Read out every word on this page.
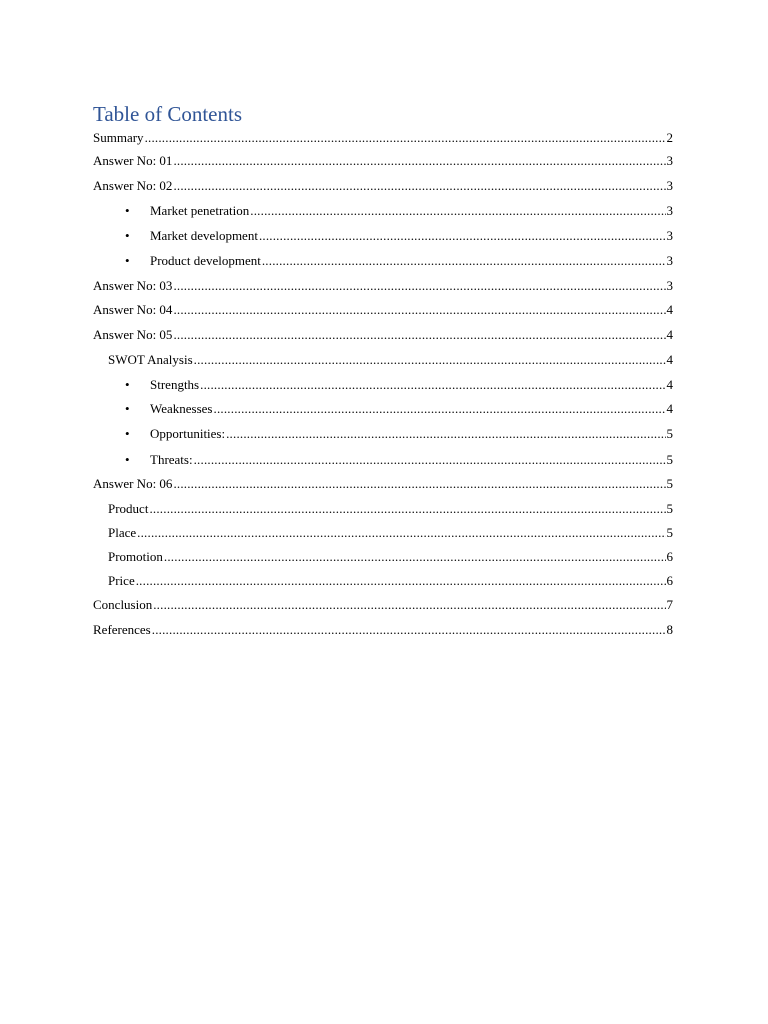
Table of Contents
Summary .....	2
Answer No: 01 .....	3
Answer No: 02 .....	3
• Market penetration .....	3
• Market development .....	3
• Product development .....	3
Answer No: 03 .....	3
Answer No: 04 .....	4
Answer No: 05 .....	4
SWOT Analysis .....	4
• Strengths .....	4
• Weaknesses .....	4
• Opportunities: .....	5
• Threats: .....	5
Answer No: 06 .....	5
Product .....	5
Place .....	5
Promotion .....	6
Price .....	6
Conclusion .....	7
References .....	8
